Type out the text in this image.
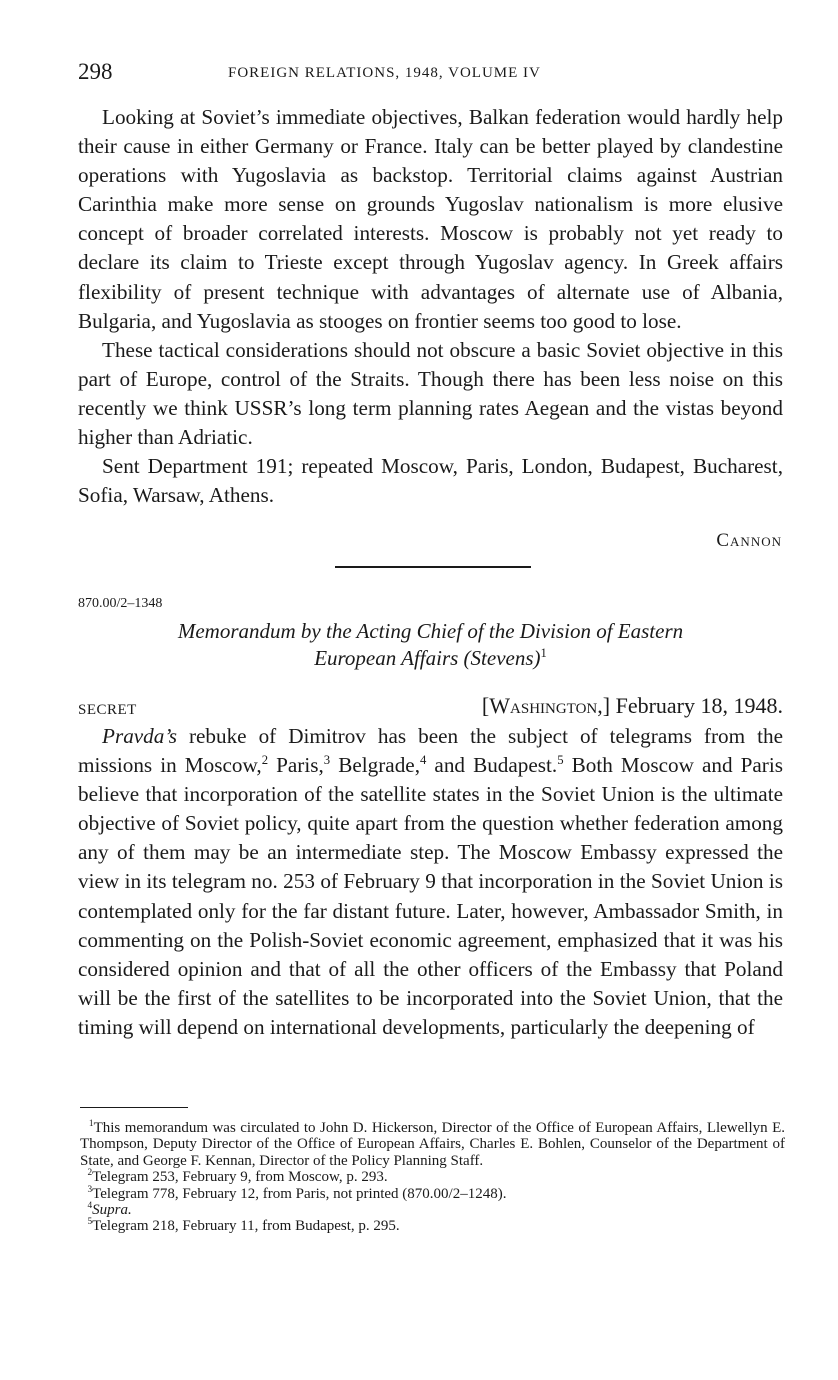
298	FOREIGN RELATIONS, 1948, VOLUME IV

Looking at Soviet’s immediate objectives, Balkan federation would hardly help their cause in either Germany or France. Italy can be better played by clandestine operations with Yugoslavia as backstop. Territorial claims against Austrian Carinthia make more sense on grounds Yugoslav nationalism is more elusive concept of broader correlated interests. Moscow is probably not yet ready to declare its claim to Trieste except through Yugoslav agency. In Greek affairs flexibility of present technique with advantages of alternate use of Albania, Bulgaria, and Yugoslavia as stooges on frontier seems too good to lose.

These tactical considerations should not obscure a basic Soviet objective in this part of Europe, control of the Straits. Though there has been less noise on this recently we think USSR’s long term planning rates Aegean and the vistas beyond higher than Adriatic.

Sent Department 191; repeated Moscow, Paris, London, Budapest, Bucharest, Sofia, Warsaw, Athens.

Cannon
870.00/2–1348
Memorandum by the Acting Chief of the Division of Eastern
European Affairs (Stevens)$^1$
SECRET	[Washington,] February 18, 1948.

Pravda’s rebuke of Dimitrov has been the subject of telegrams from the missions in Moscow,$^2$ Paris,$^3$ Belgrade,$^4$ and Budapest.$^5$ Both Moscow and Paris believe that incorporation of the satellite states in the Soviet Union is the ultimate objective of Soviet policy, quite apart from the question whether federation among any of them may be an intermediate step. The Moscow Embassy expressed the view in its telegram no. 253 of February 9 that incorporation in the Soviet Union is contemplated only for the far distant future. Later, however, Ambassador Smith, in commenting on the Polish-Soviet economic agreement, emphasized that it was his considered opinion and that of all the other officers of the Embassy that Poland will be the first of the satellites to be incorporated into the Soviet Union, that the timing will depend on international developments, particularly the deepening of

$^1$This memorandum was circulated to John D. Hickerson, Director of the Office of European Affairs, Llewellyn E. Thompson, Deputy Director of the Office of European Affairs, Charles E. Bohlen, Counselor of the Department of State, and George F. Kennan, Director of the Policy Planning Staff.

$^2$Telegram 253, February 9, from Moscow, p. 293.

$^3$Telegram 778, February 12, from Paris, not printed (870.00/2–1248).

$^4$Supra.

$^5$Telegram 218, February 11, from Budapest, p. 295.
